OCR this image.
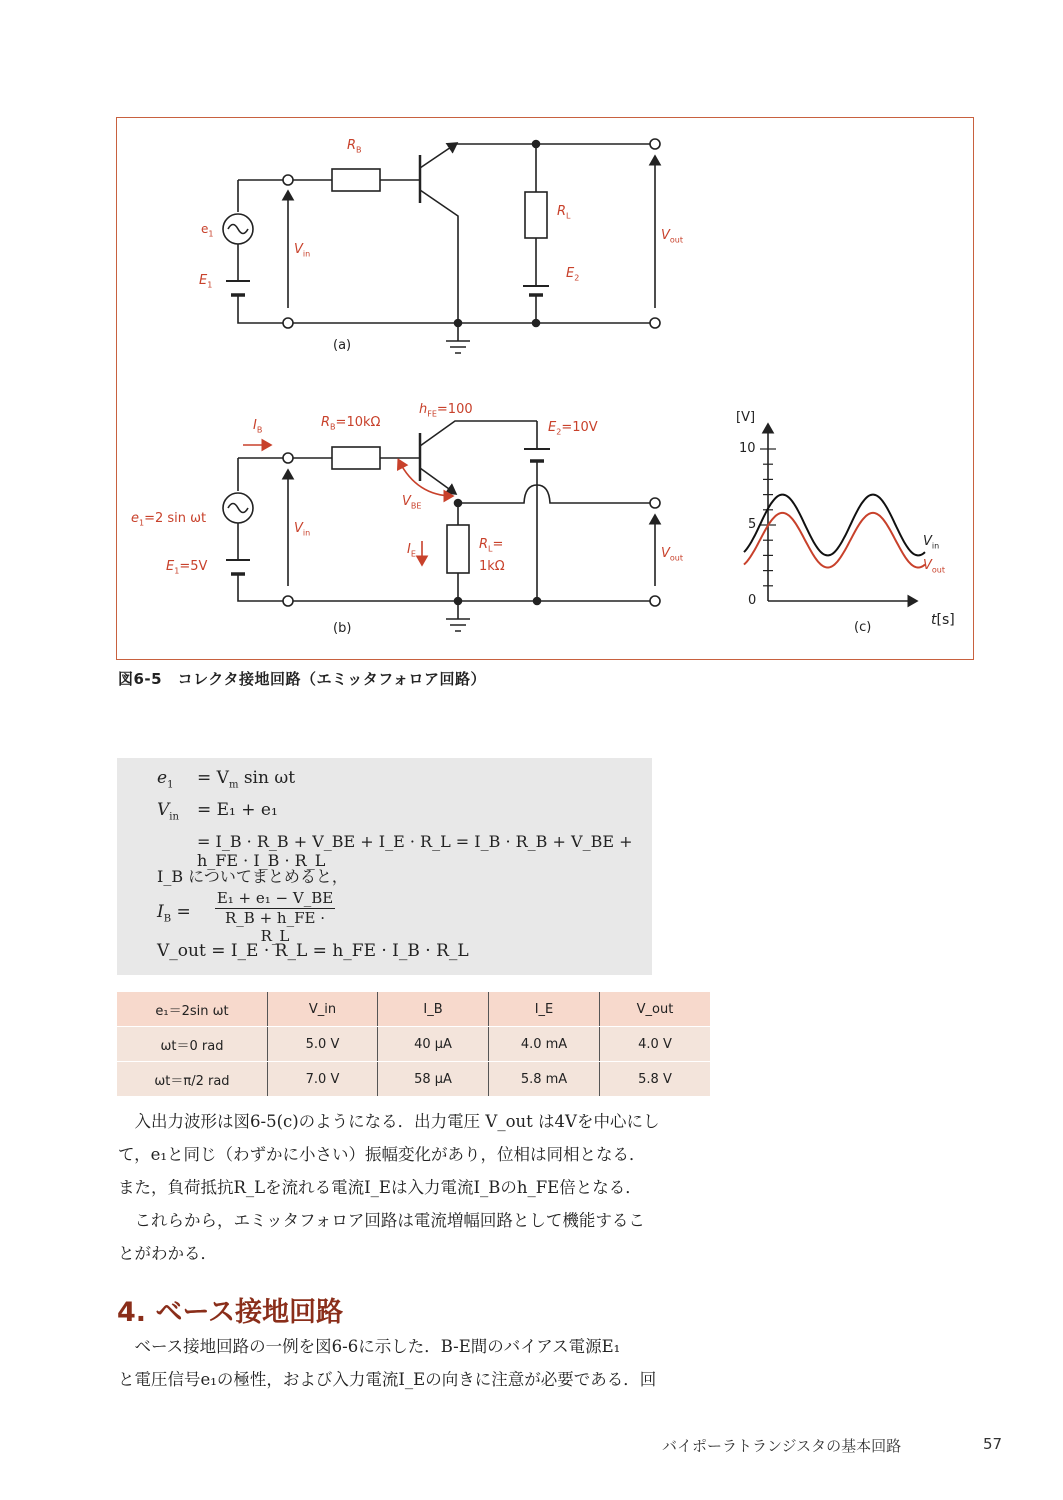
$R_B$
$R_L$
$e_1$
$E_1$
$E_2$
$V_{in}$
$V_{out}$
(a)
$I_B$
$R_B=10k\Omega$
$h_{FE}=100$
$E_2=10V$
$V_{BE}$
$e_1=2$ sin ωt
$E_1=5V$
$V_{in}$
$I_E$
$R_L=$
1kΩ
$V_{out}$
(b)
[V]
10
5
0
$V_{in}$
$V_{out}$
(c)	t[s]
図6-5　コレクタ接地回路（エミッタフォロア回路）
$e_1 = V_m$ sin ωt
$V_{in} = E_1 + e_1$
= I_B · R_B + V_BE + I_E · R_L = I_B · R_B + V_BE + h_FE · I_B · R_L
I_B についてまとめると，
$I_B$ =
E₁ + e₁ − V_BE
R_B + h_FE · R_L
V_out = I_E · R_L = h_FE · I_B · R_L
e₁＝2sin ωt	V_in	I_B	I_E	V_out
ωt＝0 rad	5.0 V	40 μA	4.0 mA	4.0 V
ωt＝π/2 rad	7.0 V	58 μA	5.8 mA	5.8 V
　入出力波形は図6-5(c)のようになる．出力電圧 V_out は4Vを中心にし
て，e₁と同じ（わずかに小さい）振幅変化があり，位相は同相となる．
また，負荷抵抗R_Lを流れる電流I_Eは入力電流I_Bのh_FE倍となる．
　これらから，エミッタフォロア回路は電流増幅回路として機能するこ
とがわかる．
4. ベース接地回路
　ベース接地回路の一例を図6-6に示した．B-E間のバイアス電源E₁
と電圧信号e₁の極性，および入力電流I_Eの向きに注意が必要である．回
バイポーラトランジスタの基本回路	57
